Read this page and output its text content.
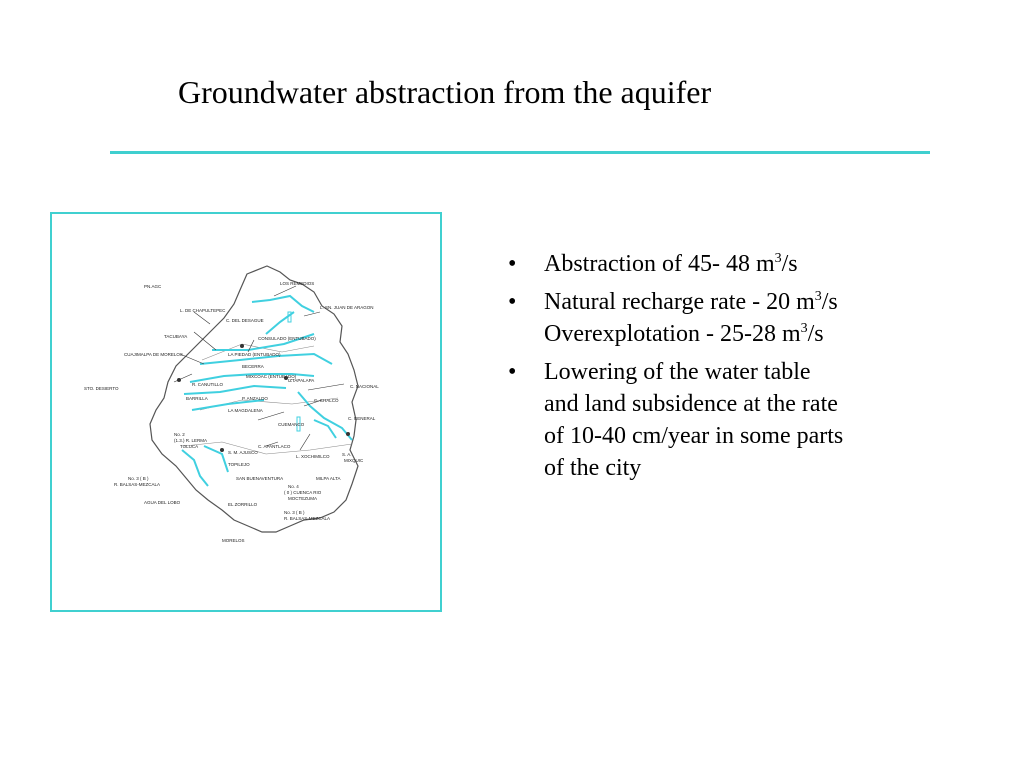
Groundwater abstraction from the aquifer
PN.AGC
LOS REMEDIOS
L. DE CHAPULTEPEC
C. DEL DESAGUE
L. SN. JUAN DE ARAGON
TACUBAYA	CONSULADO (ENTUBADO)
CUAJIMALPA DE MORELOS	LA PIEDAD (ENTUBADO)
BECERRA
MIXCOAC (ENTUBADO)
STO. DESIERTO
R. CANUTILLO
IZTAPALAPA
C. NACIONAL
BARRILLA	P. ANZALDO	C. CHALCO
LA MAGDALENA
C. GENERAL
CUEMANCO
No. 2
(1.3.) R. LERMA
TOLUCA	C. APANTLACO
S. M. AJUSCO
L. XOCHIMILCO	S. A.
MIXQUIC
TOPILEJO
No. 3 ( B )
R. BALSAS-MEZCALA
SAN BUENAVENTURA	MILPA ALTA
AGUA DEL LOBO
No. 4
( 0 ) CUENCA RIO
MOCTEZUMA
EL ZORRILLO
No. 3 ( B )
R. BALSAS-MEZCALA
MORELOS
• Abstraction of 45- 48 $m^3/s$
• Natural recharge rate - 20 $m^3/s$
Overexplotation - 25-28 $m^3/s$
• Lowering of the water table
and land subsidence at the rate
of 10-40 cm/year in some parts
of the city
